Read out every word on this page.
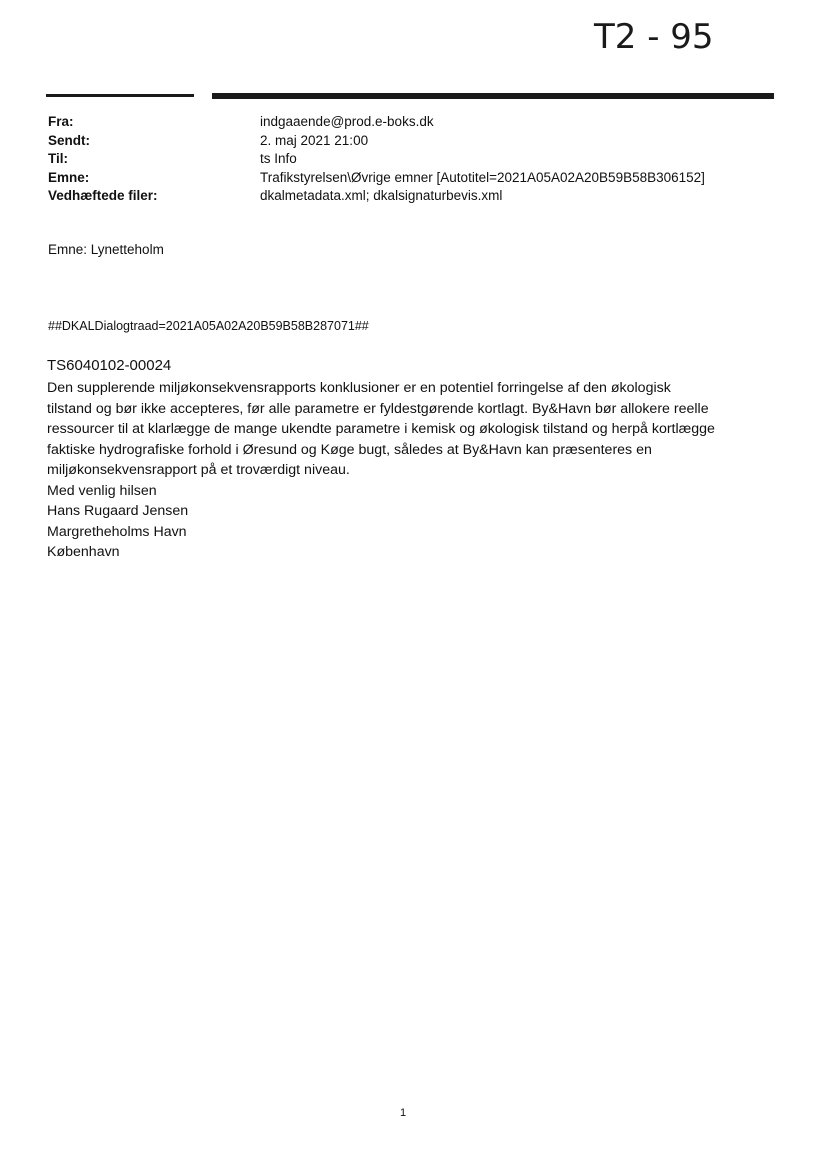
T2 - 95
Fra:	indgaaende@prod.e-boks.dk
Sendt:	2. maj 2021 21:00
Til:	ts Info
Emne:	Trafikstyrelsen\Øvrige emner [Autotitel=2021A05A02A20B59B58B306152]
Vedhæftede filer:	dkalmetadata.xml; dkalsignaturbevis.xml
Emne: Lynetteholm
##DKALDialogtraad=2021A05A02A20B59B58B287071##
TS6040102-00024
Den supplerende miljøkonsekvensrapports konklusioner er en potentiel forringelse af den økologisk
tilstand og bør ikke accepteres, før alle parametre er fyldestgørende kortlagt. By&Havn bør allokere reelle
ressourcer til at klarlægge de mange ukendte parametre i kemisk og økologisk tilstand og herpå kortlægge
faktiske hydrografiske forhold i Øresund og Køge bugt, således at By&Havn kan præsenteres en
miljøkonsekvensrapport på et troværdigt niveau.
Med venlig hilsen
Hans Rugaard Jensen
Margretheholms Havn
København
1
